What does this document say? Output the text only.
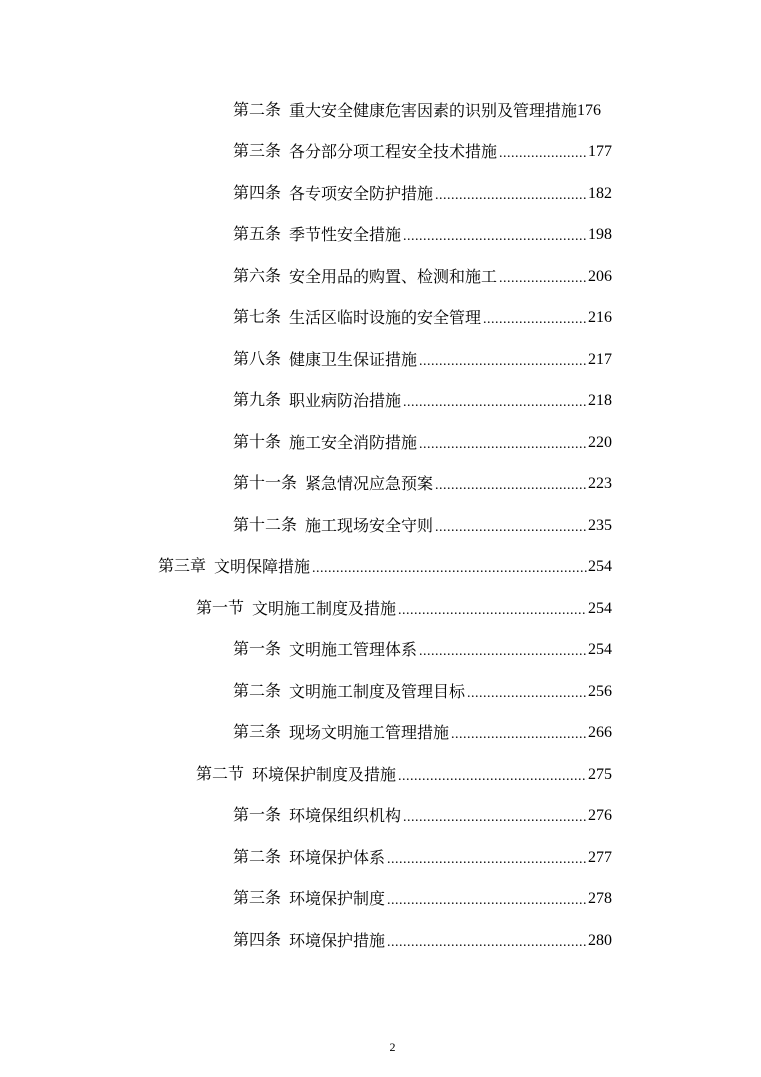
第二条 重大安全健康危害因素的识别及管理措施 176
第三条 各分部分项工程安全技术措施 .....	177
第四条 各专项安全防护措施 .....	182
第五条 季节性安全措施 .....	198
第六条 安全用品的购置、检测和施工 .....	206
第七条 生活区临时设施的安全管理 .....	216
第八条 健康卫生保证措施 .....	217
第九条 职业病防治措施 .....	218
第十条 施工安全消防措施 .....	220
第十一条 紧急情况应急预案 .....	223
第十二条 施工现场安全守则 .....	235
第三章 文明保障措施 .....	254
第一节 文明施工制度及措施 .....	254
第一条 文明施工管理体系 .....	254
第二条 文明施工制度及管理目标 .....	256
第三条 现场文明施工管理措施 .....	266
第二节 环境保护制度及措施 .....	275
第一条 环境保组织机构 .....	276
第二条 环境保护体系 .....	277
第三条 环境保护制度 .....	278
第四条 环境保护措施 .....	280
2
